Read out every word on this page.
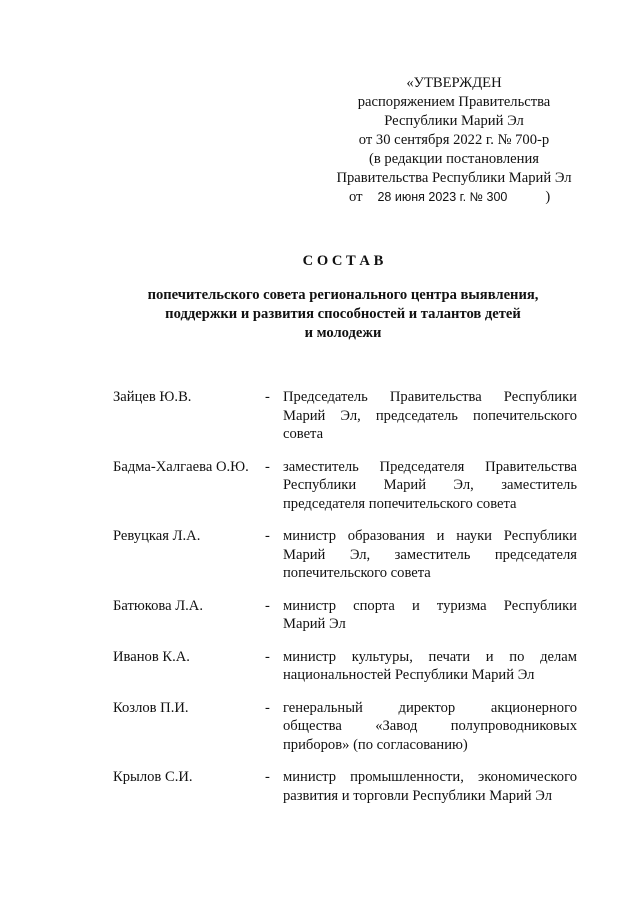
«УТВЕРЖДЕН
распоряжением Правительства
Республики Марий Эл
от 30 сентября 2022 г. № 700-р
(в редакции постановления
Правительства Республики Марий Эл
от 28 июня 2023 г. № 300	)
С О С Т А В
попечительского совета регионального центра выявления,
поддержки и развития способностей и талантов детей
и молодежи
Зайцев Ю.В.	- Председатель Правительства Республики
Марий Эл, председатель попечительского
совета
Бадма-Халгаева О.Ю. - заместитель Председателя Правительства
Республики Марий Эл, заместитель
председателя попечительского совета
Ревуцкая Л.А.	- министр образования и науки Республики
Марий Эл, заместитель председателя
попечительского совета
Батюкова Л.А.	- министр спорта и туризма Республики
Марий Эл
Иванов К.А.	- министр культуры, печати и по делам
национальностей Республики Марий Эл
Козлов П.И.	- генеральный директор акционерного
общества «Завод полупроводниковых
приборов» (по согласованию)
Крылов С.И.	- министр промышленности, экономического
развития и торговли Республики Марий Эл
